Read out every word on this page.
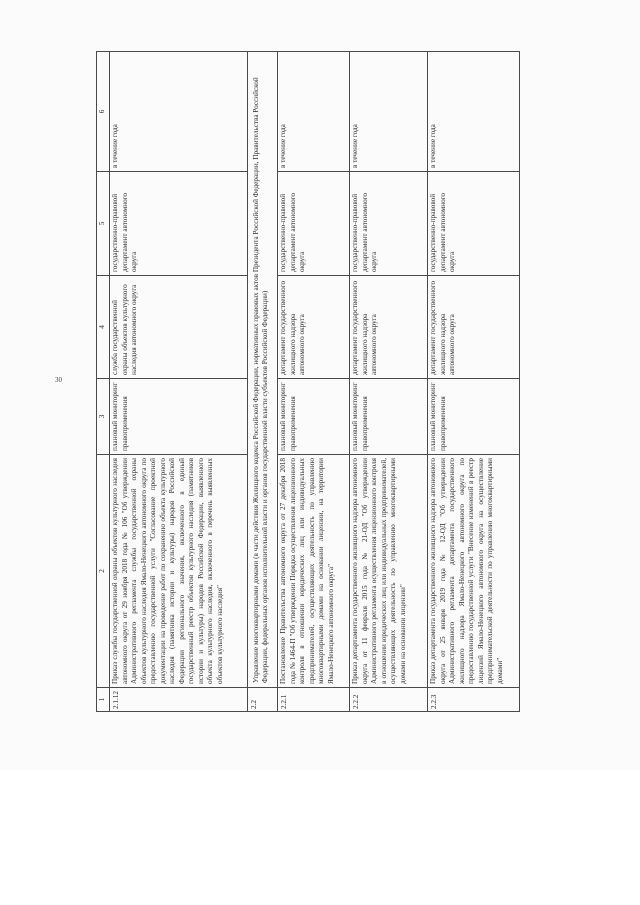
30
1	2	3	4	5	6
2.1.12	Приказ службы государственной охраны объектов культурного наследия автономного округа от 29 ноября 2018 года № 106 "Об утверждении Административного регламента службы государственной охраны объектов культурного наследия Ямало-Ненецкого автономного округа по предоставлению государственной услуги "Согласование проектной документации на проведение работ по сохранению объекта культурного наследия (памятника истории и культуры) народов Российской Федерации регионального значения, включенного в единый государственный реестр объектов культурного наследия (памятников истории и культуры) народов Российской Федерации, выявленного объекта культурного наследия, включенного в перечень выявленных объектов культурного наследия"	плановый мониторинг правоприменения	служба государственной охраны объектов культурного наследия автономного округа	государственно-правовой департамент автономного округа	в течение года
2.2	Управление многоквартирными домами (в части действия Жилищного кодекса Российской Федерации, нормативных правовых актов Президента Российской Федерации, Правительства Российской Федерации, федеральных органов исполнительной власти и органов государственной власти субъектов Российской Федерации)				
2.2.1	Постановление Правительства автономного округа от 27 декабря 2018 года № 1464-П "Об утверждении Порядка осуществления лицензионного контроля в отношении юридических лиц или индивидуальных предпринимателей, осуществляющих деятельность по управлению многоквартирными домами на основании лицензии, на территории Ямало-Ненецкого автономного округа"	плановый мониторинг правоприменения	департамент государственного жилищного надзора автономного округа	государственно-правовой департамент автономного округа	в течение года
2.2.2	Приказ департамента государственного жилищного надзора автономного округа от 11 февраля 2015 года № 21-ОД "Об утверждении Административного регламента осуществления лицензионного контроля в отношении юридических лиц или индивидуальных предпринимателей, осуществляющих деятельность по управлению многоквартирными домами на основании лицензии"	плановый мониторинг правоприменения	департамент государственного жилищного надзора автономного округа	государственно-правовой департамент автономного округа	в течение года
2.2.3	Приказ департамента государственного жилищного надзора автономного округа от 25 января 2019 года № 12-ОД "Об утверждении Административного регламента департамента государственного жилищного надзора Ямало-Ненецкого автономного округа по предоставлению государственной услуги "Внесение изменений в реестр лицензий Ямало-Ненецкого автономного округа на осуществление предпринимательской деятельности по управлению многоквартирными домами"	плановый мониторинг правоприменения	департамент государственного жилищного надзора автономного округа	государственно-правовой департамент автономного округа	в течение года
